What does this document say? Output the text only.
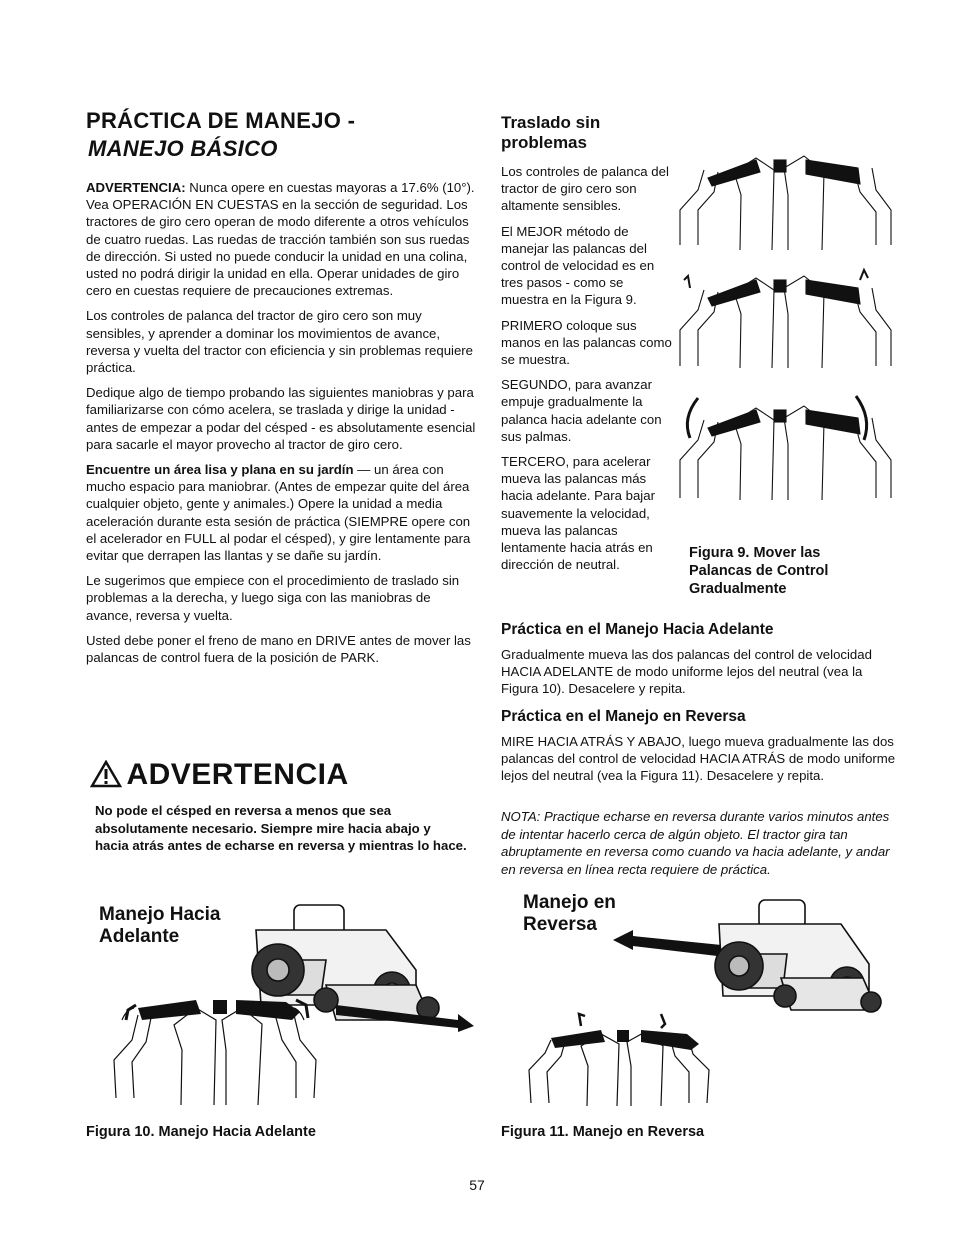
PRÁCTICA DE MANEJO -
MANEJO BÁSICO

ADVERTENCIA: Nunca opere en cuestas mayoras a 17.6% (10°). Vea OPERACIÓN EN CUESTAS en la sección de seguridad. Los tractores de giro cero operan de modo diferente a otros vehículos de cuatro ruedas. Las ruedas de tracción también son sus ruedas de dirección. Si usted no puede conducir la unidad en una colina, usted no podrá dirigir la unidad en ella. Operar unidades de giro cero en cuestas requiere de precauciones extremas.

Los controles de palanca del tractor de giro cero son muy sensibles, y aprender a dominar los movimientos de avance, reversa y vuelta del tractor con eficiencia y sin problemas requiere práctica.

Dedique algo de tiempo probando las siguientes maniobras y para familiarizarse con cómo acelera, se traslada y dirige la unidad - antes de empezar a podar del césped - es absolutamente esencial para sacarle el mayor provecho al tractor de giro cero.

Encuentre un área lisa y plana en su jardín — un área con mucho espacio para maniobrar. (Antes de empezar quite del área cualquier objeto, gente y animales.) Opere la unidad a media aceleración durante esta sesión de práctica (SIEMPRE opere con el acelerador en FULL al podar el césped), y gire lentamente para evitar que derrapen las llantas y se dañe su jardín.

Le sugerimos que empiece con el procedimiento de traslado sin problemas a la derecha, y luego siga con las maniobras de avance, reversa y vuelta.

Usted debe poner el freno de mano en DRIVE antes de mover las palancas de control fuera de la posición de PARK.

ADVERTENCIA
No pode el césped en reversa a menos que sea absolutamente necesario. Siempre mire hacia abajo y hacia atrás antes de echarse en reversa y mientras lo hace.
Manejo Hacia Adelante
Figura 10. Manejo Hacia Adelante
Traslado sin problemas

Los controles de palanca del tractor de giro cero son altamente sensibles.

El MEJOR método de manejar las palancas del control de velocidad es en tres pasos - como se muestra en la Figura 9.

PRIMERO coloque sus manos en las palancas como se muestra.

SEGUNDO, para avanzar empuje gradualmente la palanca hacia adelante con sus palmas.

TERCERO, para acelerar mueva las palancas más hacia adelante. Para bajar suavemente la velocidad, mueva las palancas lentamente hacia atrás en dirección de neutral.

Figura 9. Mover las Palancas de Control Gradualmente
Práctica en el Manejo Hacia Adelante
Gradualmente mueva las dos palancas del control de velocidad HACIA ADELANTE de modo uniforme lejos del neutral (vea la Figura 10). Desacelere y repita.
Práctica en el Manejo en Reversa
MIRE HACIA ATRÁS Y ABAJO, luego mueva gradualmente las dos palancas del control de velocidad HACIA ATRÁS de modo uniforme lejos del neutral (vea la Figura 11). Desacelere y repita.
NOTA: Practique echarse en reversa durante varios minutos antes de intentar hacerlo cerca de algún objeto. El tractor gira tan abruptamente en reversa como cuando va hacia adelante, y andar en reversa en línea recta requiere de práctica.
Manejo en Reversa
Figura 11. Manejo en Reversa
57
